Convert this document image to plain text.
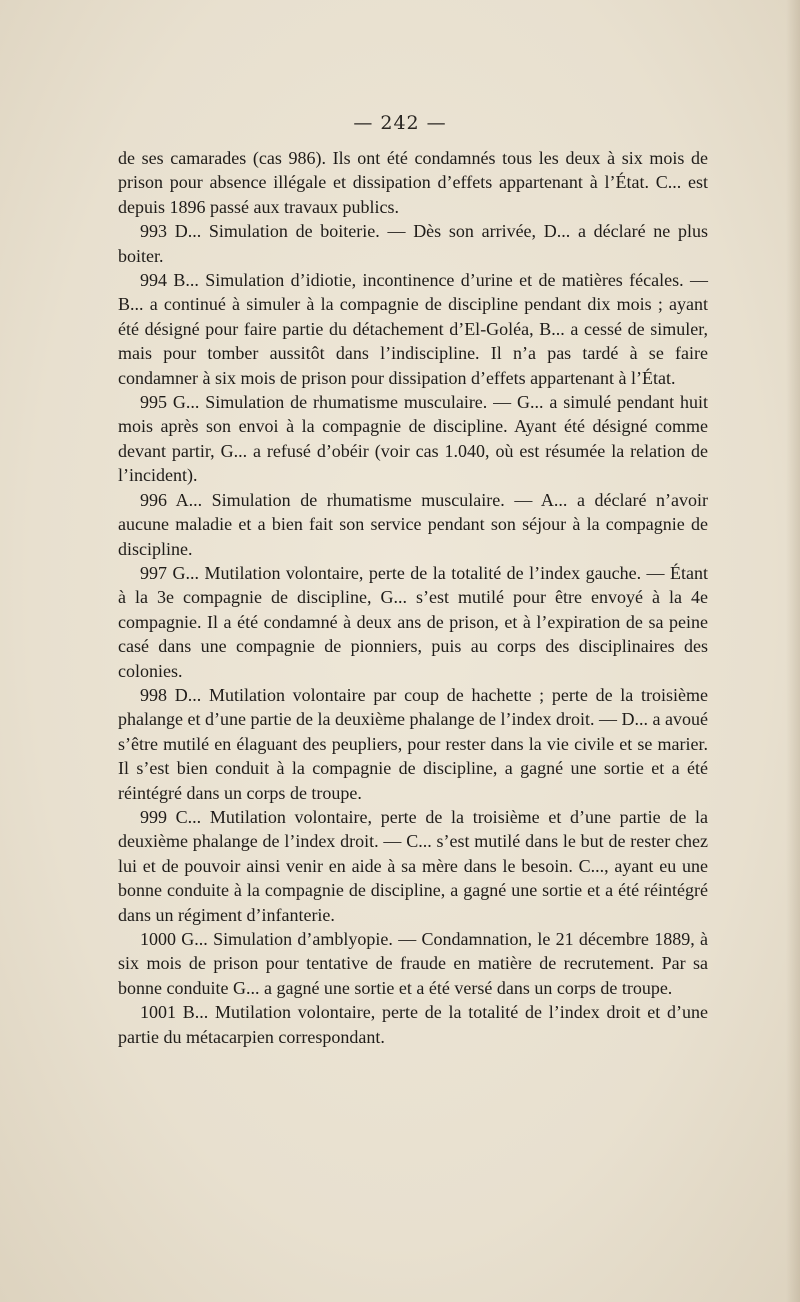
— 242 —

de ses camarades (cas 986). Ils ont été condamnés tous les deux à six mois de prison pour absence illégale et dissipation d’effets appartenant à l’État. C... est depuis 1896 passé aux travaux publics.

993 D... Simulation de boiterie. — Dès son arrivée, D... a déclaré ne plus boiter.

994 B... Simulation d’idiotie, incontinence d’urine et de matières fécales. — B... a continué à simuler à la compagnie de discipline pendant dix mois ; ayant été désigné pour faire partie du détachement d’El-Goléa, B... a cessé de simuler, mais pour tomber aussitôt dans l’indiscipline. Il n’a pas tardé à se faire condamner à six mois de prison pour dissipation d’effets appartenant à l’État.

995 G... Simulation de rhumatisme musculaire. — G... a simulé pendant huit mois après son envoi à la compagnie de discipline. Ayant été désigné comme devant partir, G... a refusé d’obéir (voir cas 1.040, où est résumée la relation de l’incident).

996 A... Simulation de rhumatisme musculaire. — A... a déclaré n’avoir aucune maladie et a bien fait son service pendant son séjour à la compagnie de discipline.

997 G... Mutilation volontaire, perte de la totalité de l’index gauche. — Étant à la 3e compagnie de discipline, G... s’est mutilé pour être envoyé à la 4e compagnie. Il a été condamné à deux ans de prison, et à l’expiration de sa peine casé dans une compagnie de pionniers, puis au corps des disciplinaires des colonies.

998 D... Mutilation volontaire par coup de hachette ; perte de la troisième phalange et d’une partie de la deuxième phalange de l’index droit. — D... a avoué s’être mutilé en élaguant des peupliers, pour rester dans la vie civile et se marier. Il s’est bien conduit à la compagnie de discipline, a gagné une sortie et a été réintégré dans un corps de troupe.

999 C... Mutilation volontaire, perte de la troisième et d’une partie de la deuxième phalange de l’index droit. — C... s’est mutilé dans le but de rester chez lui et de pouvoir ainsi venir en aide à sa mère dans le besoin. C..., ayant eu une bonne conduite à la compagnie de discipline, a gagné une sortie et a été réintégré dans un régiment d’infanterie.

1000 G... Simulation d’amblyopie. — Condamnation, le 21 décembre 1889, à six mois de prison pour tentative de fraude en matière de recrutement. Par sa bonne conduite G... a gagné une sortie et a été versé dans un corps de troupe.

1001 B... Mutilation volontaire, perte de la totalité de l’index droit et d’une partie du métacarpien correspondant.
